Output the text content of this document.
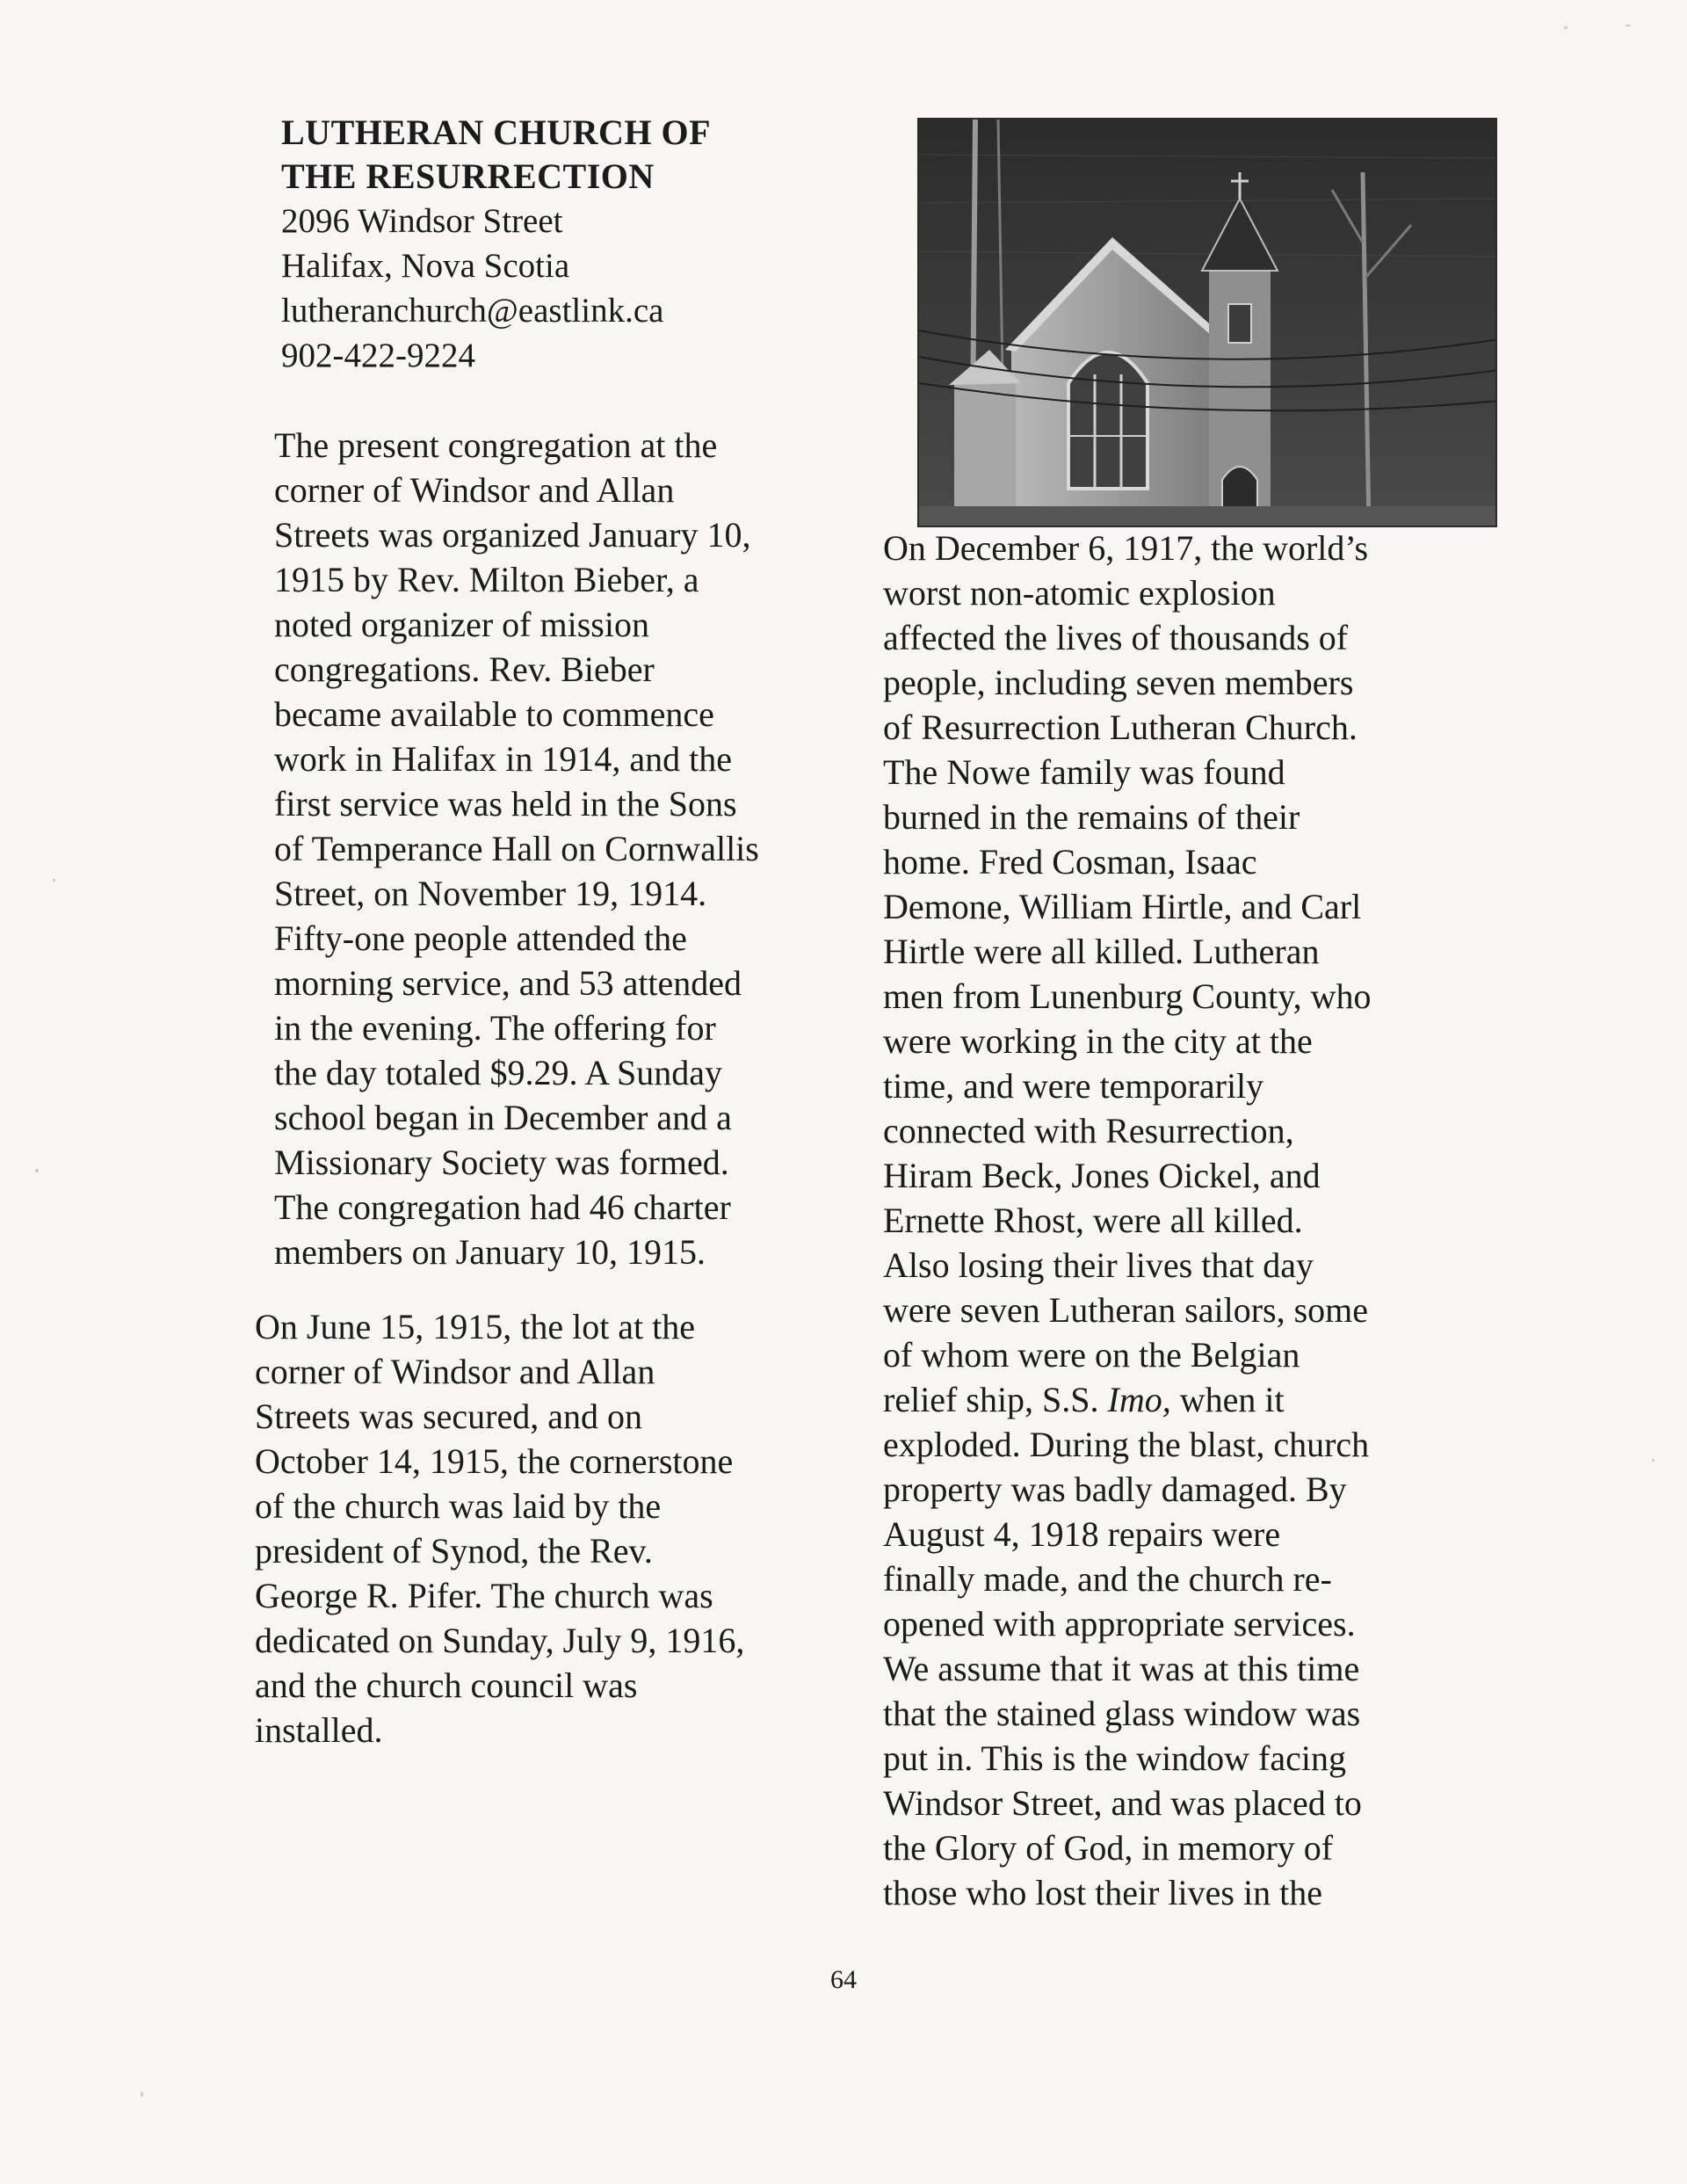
LUTHERAN CHURCH OF
THE RESURRECTION
2096 Windsor Street
Halifax, Nova Scotia
lutheranchurch@eastlink.ca
902-422-9224

The present congregation at the
corner of Windsor and Allan
Streets was organized January 10,
1915 by Rev. Milton Bieber, a
noted organizer of mission
congregations. Rev. Bieber
became available to commence
work in Halifax in 1914, and the
first service was held in the Sons
of Temperance Hall on Cornwallis
Street, on November 19, 1914.
Fifty-one people attended the
morning service, and 53 attended
in the evening. The offering for
the day totaled $9.29. A Sunday
school began in December and a
Missionary Society was formed.
The congregation had 46 charter
members on January 10, 1915.

On June 15, 1915, the lot at the
corner of Windsor and Allan
Streets was secured, and on
October 14, 1915, the cornerstone
of the church was laid by the
president of Synod, the Rev.
George R. Pifer. The church was
dedicated on Sunday, July 9, 1916,
and the church council was
installed.

On December 6, 1917, the world’s
worst non-atomic explosion
affected the lives of thousands of
people, including seven members
of Resurrection Lutheran Church.
The Nowe family was found
burned in the remains of their
home. Fred Cosman, Isaac
Demone, William Hirtle, and Carl
Hirtle were all killed. Lutheran
men from Lunenburg County, who
were working in the city at the
time, and were temporarily
connected with Resurrection,
Hiram Beck, Jones Oickel, and
Ernette Rhost, were all killed.
Also losing their lives that day
were seven Lutheran sailors, some
of whom were on the Belgian
relief ship, S.S. Imo, when it
exploded. During the blast, church
property was badly damaged. By
August 4, 1918 repairs were
finally made, and the church re-
opened with appropriate services.
We assume that it was at this time
that the stained glass window was
put in. This is the window facing
Windsor Street, and was placed to
the Glory of God, in memory of
those who lost their lives in the

64
